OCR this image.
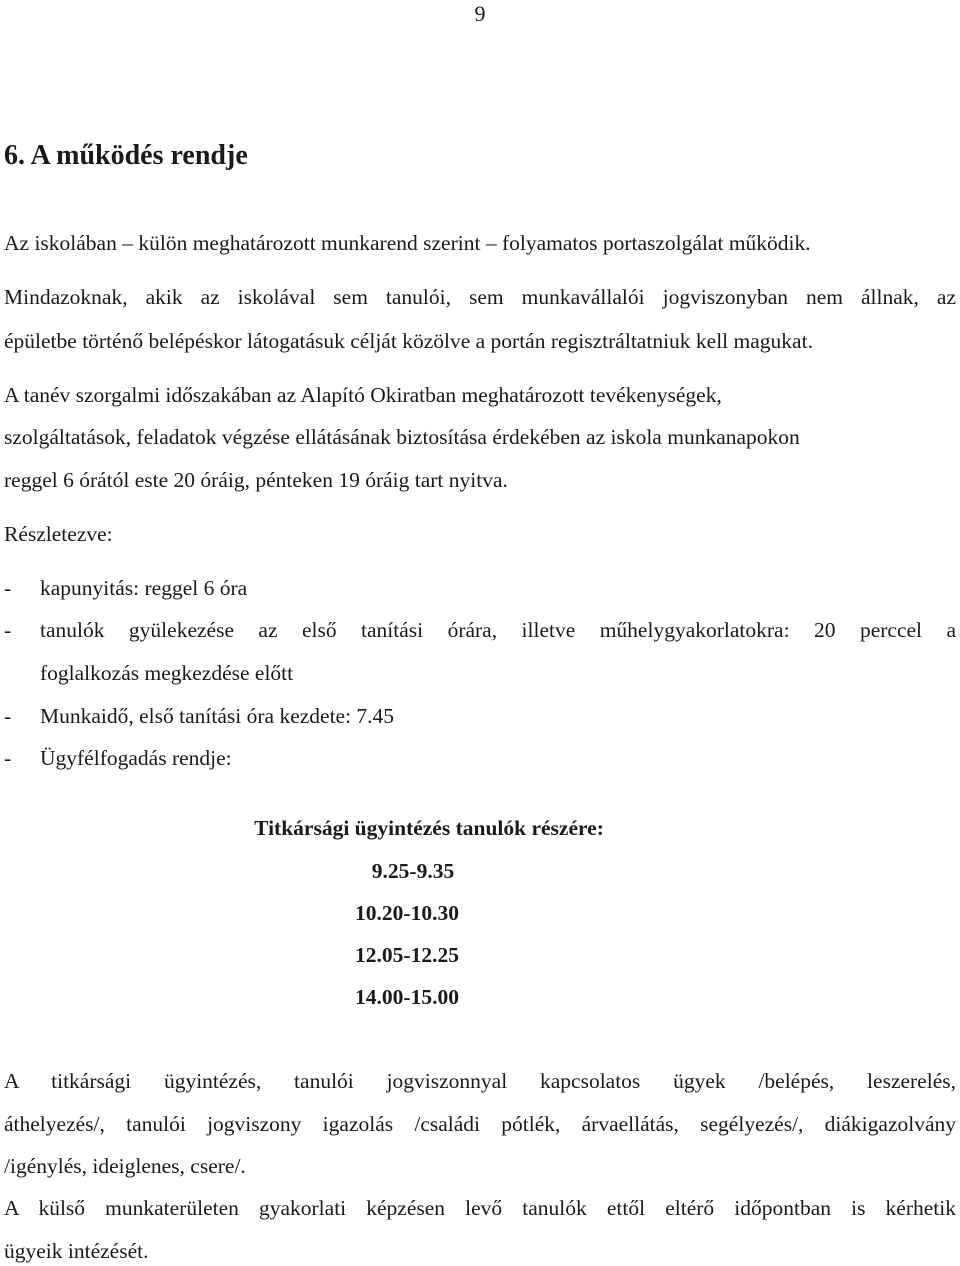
9
6. A működés rendje
Az iskolában – külön meghatározott munkarend szerint – folyamatos portaszolgálat működik.
Mindazoknak, akik az iskolával sem tanulói, sem munkavállalói jogviszonyban nem állnak, az
épületbe történő belépéskor látogatásuk célját közölve a portán regisztráltatniuk kell magukat.
A tanév szorgalmi időszakában az Alapító Okiratban meghatározott tevékenységek,
szolgáltatások, feladatok végzése ellátásának biztosítása érdekében az iskola munkanapokon
reggel 6 órától este 20 óráig, pénteken 19 óráig tart nyitva.
Részletezve:
- kapunyitás: reggel 6 óra
- tanulók gyülekezése az első tanítási órára, illetve műhelygyakorlatokra: 20 perccel a
foglalkozás megkezdése előtt
- Munkaidő, első tanítási óra kezdete: 7.45
- Ügyfélfogadás rendje:
Titkársági ügyintézés tanulók részére:
9.25-9.35
10.20-10.30
12.05-12.25
14.00-15.00
A titkársági ügyintézés, tanulói jogviszonnyal kapcsolatos ügyek /belépés, leszerelés,
áthelyezés/, tanulói jogviszony igazolás /családi pótlék, árvaellátás, segélyezés/, diákigazolvány
/igénylés, ideiglenes, csere/.
A külső munkaterületen gyakorlati képzésen levő tanulók ettől eltérő időpontban is kérhetik
ügyeik intézését.
